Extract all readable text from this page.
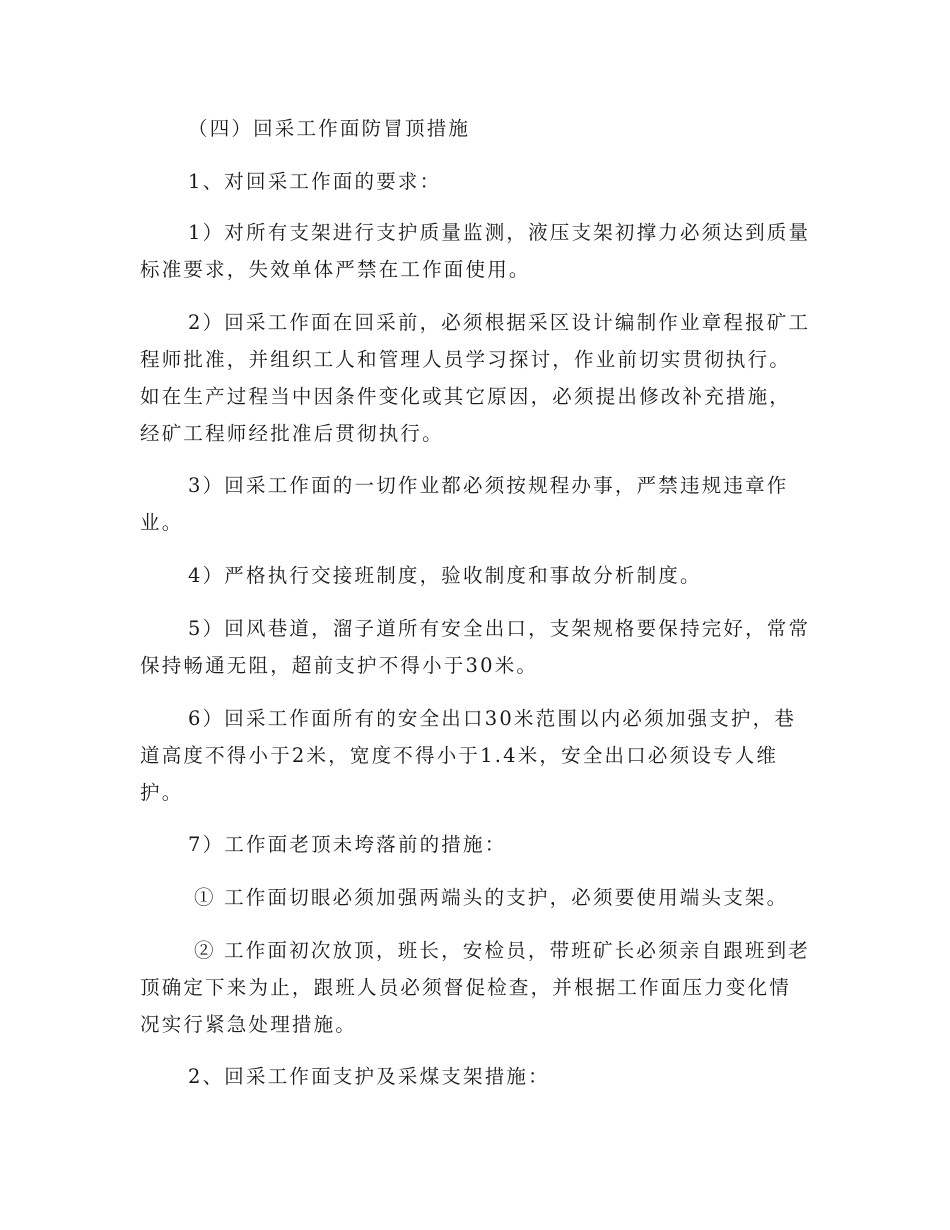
（四）回采工作面防冒顶措施

1、对回采工作面的要求：

1）对所有支架进行支护质量监测，液压支架初撑力必须达到质量标准要求，失效单体严禁在工作面使用。

2）回采工作面在回采前，必须根据采区设计编制作业章程报矿工程师批准，并组织工人和管理人员学习探讨，作业前切实贯彻执行。如在生产过程当中因条件变化或其它原因，必须提出修改补充措施，经矿工程师经批准后贯彻执行。

3）回采工作面的一切作业都必须按规程办事，严禁违规违章作业。

4）严格执行交接班制度，验收制度和事故分析制度。

5）回风巷道，溜子道所有安全出口，支架规格要保持完好，常常保持畅通无阻，超前支护不得小于30米。

6）回采工作面所有的安全出口30米范围以内必须加强支护，巷道高度不得小于2米，宽度不得小于1.4米，安全出口必须设专人维护。

7）工作面老顶未垮落前的措施：

① 工作面切眼必须加强两端头的支护，必须要使用端头支架。

② 工作面初次放顶，班长，安检员，带班矿长必须亲自跟班到老顶确定下来为止，跟班人员必须督促检查，并根据工作面压力变化情况实行紧急处理措施。

2、回采工作面支护及采煤支架措施：
